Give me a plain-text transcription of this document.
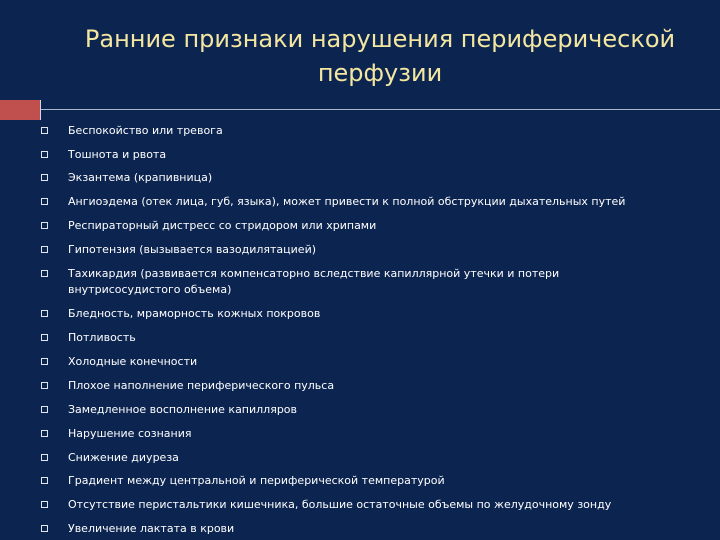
Ранние признаки нарушения периферической
перфузии
Беспокойство или тревога
Тошнота и рвота
Экзантема (крапивница)
Ангиоэдема (отек лица, губ, языка), может привести к полной обструкции дыхательных путей
Респираторный дистресс со стридором или хрипами
Гипотензия (вызывается вазодилятацией)
Тахикардия (развивается компенсаторно вследствие капиллярной утечки и потери внутрисосудистого объема)
Бледность, мраморность кожных покровов
Потливость
Холодные конечности
Плохое наполнение периферического пульса
Замедленное восполнение капилляров
Нарушение сознания
Снижение диуреза
Градиент между центральной и периферической температурой
Отсутствие перистальтики кишечника, большие остаточные объемы по желудочному зонду
Увеличение лактата в крови
